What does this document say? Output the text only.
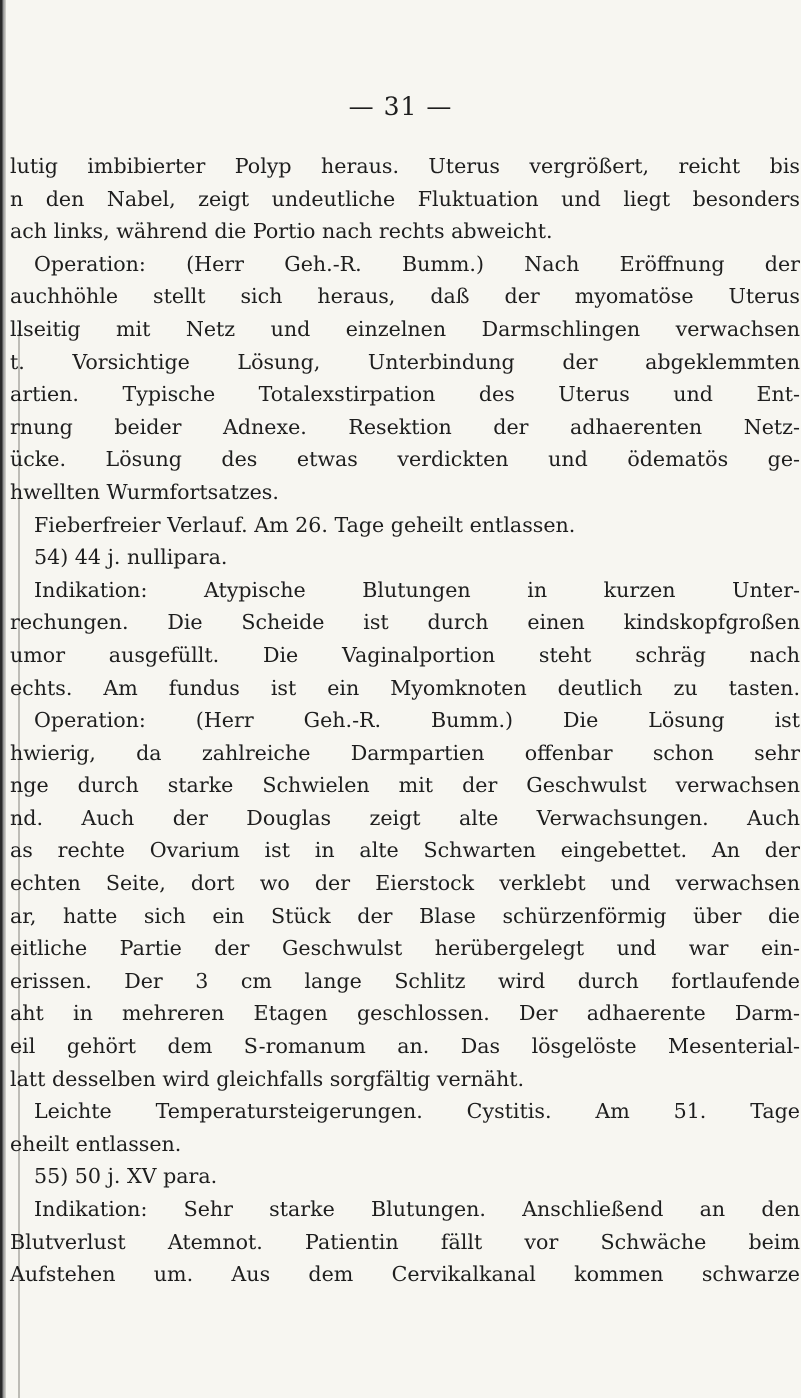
— 31 —
lutig imbibierter Polyp heraus. Uterus vergrößert, reicht bis
n den Nabel, zeigt undeutliche Fluktuation und liegt besonders
ach links, während die Portio nach rechts abweicht.
Operation: (Herr Geh.-R. Bumm.) Nach Eröffnung der
auchhöhle stellt sich heraus, daß der myomatöse Uterus
llseitig mit Netz und einzelnen Darmschlingen verwachsen
t. Vorsichtige Lösung, Unterbindung der abgeklemmten
artien. Typische Totalexstirpation des Uterus und Ent-
rnung beider Adnexe. Resektion der adhaerenten Netz-
ücke. Lösung des etwas verdickten und ödematös ge-
hwellten Wurmfortsatzes.
Fieberfreier Verlauf. Am 26. Tage geheilt entlassen.
54) 44 j. nullipara.
Indikation: Atypische Blutungen in kurzen Unter-
rechungen. Die Scheide ist durch einen kindskopfgroßen
umor ausgefüllt. Die Vaginalportion steht schräg nach
echts. Am fundus ist ein Myomknoten deutlich zu tasten.
Operation: (Herr Geh.-R. Bumm.) Die Lösung ist
hwierig, da zahlreiche Darmpartien offenbar schon sehr
nge durch starke Schwielen mit der Geschwulst verwachsen
nd. Auch der Douglas zeigt alte Verwachsungen. Auch
as rechte Ovarium ist in alte Schwarten eingebettet. An der
echten Seite, dort wo der Eierstock verklebt und verwachsen
ar, hatte sich ein Stück der Blase schürzenförmig über die
eitliche Partie der Geschwulst herübergelegt und war ein-
erissen. Der 3 cm lange Schlitz wird durch fortlaufende
aht in mehreren Etagen geschlossen. Der adhaerente Darm-
eil gehört dem S-romanum an. Das lösgelöste Mesenterial-
latt desselben wird gleichfalls sorgfältig vernäht.
Leichte Temperatursteigerungen. Cystitis. Am 51. Tage
eheilt entlassen.
55) 50 j. XV para.
Indikation: Sehr starke Blutungen. Anschließend an den
Blutverlust Atemnot. Patientin fällt vor Schwäche beim
Aufstehen um. Aus dem Cervikalkanal kommen schwarze
